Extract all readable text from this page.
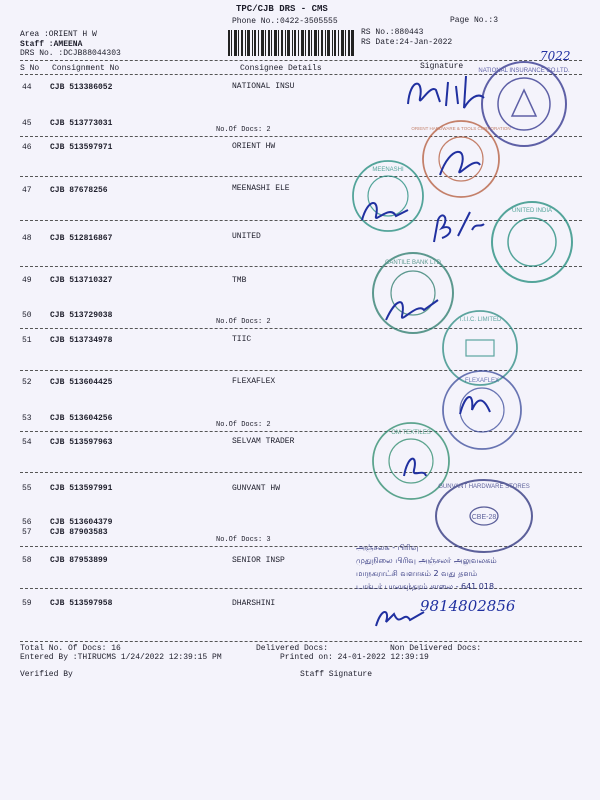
TPC/CJB DRS - CMS
Phone No.:0422-3505555	Page No.:3
Area :ORIENT H W
Staff :AMEENA
DRS No. :DCJB88044303
RS No.:880443
RS Date:24-Jan-2022
S No Consignment No	Consignee Details	Signature
44 CJB 513386052	NATIONAL INSU
45 CJB 513773031
No.Of Docs: 2
46 CJB 513597971	ORIENT HW
47 CJB 87678256	MEENASHI ELE
48 CJB 512816867	UNITED
49 CJB 513710327	TMB
50 CJB 513729038
No.Of Docs: 2
51 CJB 513734978	TIIC
52 CJB 513604425	FLEXAFLEX
53 CJB 513604256
No.Of Docs: 2
54 CJB 513597963	SELVAM TRADER
55 CJB 513597991	GUNVANT HW
56 CJB 513604379
57 CJB 87903583
No.Of Docs: 3
58 CJB 87953899	SENIOR INSP
59 CJB 513597958	DHARSHINI
Total No. Of Docs: 16	Delivered Docs:	Non Delivered Docs:
Entered By :THIRUCMS 1/24/2022 12:39:15 PM	Printed on: 24-01-2022 12:39:19
Verified By	Staff Signature
NATIONAL INSURANCE CO.LTD.
ORIENT HARDWARE & TOOLS CORPORATION
MEENASHI
UNITED INDIA
CANTILE BANK LTD
T.I.I.C. LIMITED
FLEXAFLEX
OM TEXTILES
GUNVANT HARDWARE STORES
CBE-28
அஞ்சலக - பிரிவு
முதுநிலை பிரிவு அஞ்சலர் அலுவலகம்
மாநகராட்சி வளாகம் 2 வது தளம்
டாக்டர் பாலசுந்தரம் சாலை - 641 018
7022
9814802856
